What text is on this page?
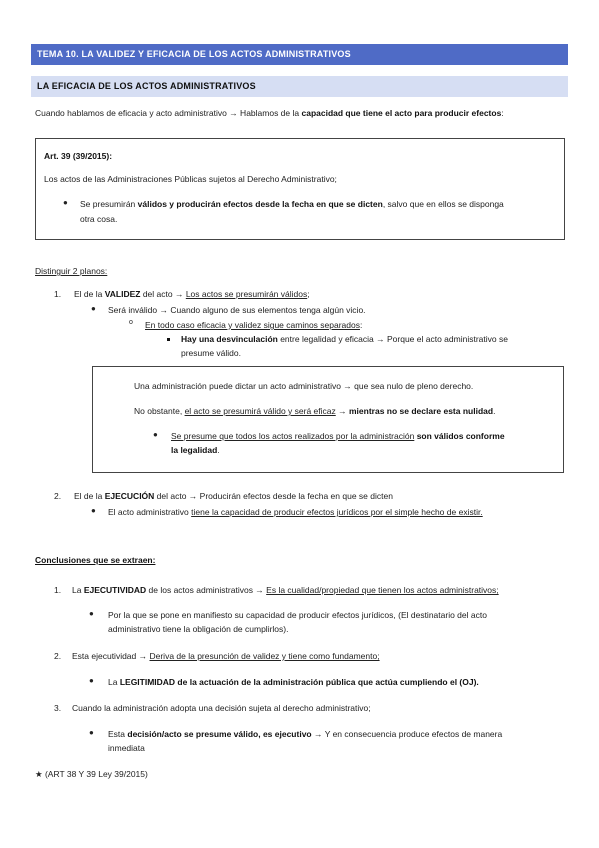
TEMA 10. LA VALIDEZ Y EFICACIA DE LOS ACTOS ADMINISTRATIVOS
LA EFICACIA DE LOS ACTOS ADMINISTRATIVOS
Cuando hablamos de eficacia y acto administrativo → Hablamos de la capacidad que tiene el acto para producir efectos:
Art. 39 (39/2015):
Los actos de las Administraciones Públicas sujetos al Derecho Administrativo;
● Se presumirán válidos y producirán efectos desde la fecha en que se dicten, salvo que en ellos se disponga
otra cosa.
Distinguir 2 planos:
1. El de la VALIDEZ del acto → Los actos se presumirán válidos;
● Será inválido → Cuando alguno de sus elementos tenga algún vicio.
o En todo caso eficacia y validez sigue caminos separados:
Hay una desvinculación entre legalidad y eficacia → Porque el acto administrativo se
presume válido.
Una administración puede dictar un acto administrativo → que sea nulo de pleno derecho.
No obstante, el acto se presumirá válido y será eficaz → mientras no se declare esta nulidad.
● Se presume que todos los actos realizados por la administración son válidos conforme
la legalidad.
2. El de la EJECUCIÓN del acto → Producirán efectos desde la fecha en que se dicten
● El acto administrativo tiene la capacidad de producir efectos jurídicos por el simple hecho de existir.
Conclusiones que se extraen:
1. La EJECUTIVIDAD de los actos administrativos → Es la cualidad/propiedad que tienen los actos administrativos;
● Por la que se pone en manifiesto su capacidad de producir efectos jurídicos, (El destinatario del acto
administrativo tiene la obligación de cumplirlos).
2. Esta ejecutividad → Deriva de la presunción de validez y tiene como fundamento;
● La LEGITIMIDAD de la actuación de la administración pública que actúa cumpliendo el (OJ).
3. Cuando la administración adopta una decisión sujeta al derecho administrativo;
● Esta decisión/acto se presume válido, es ejecutivo → Y en consecuencia produce efectos de manera
inmediata
★ (ART 38 Y 39 Ley 39/2015)
